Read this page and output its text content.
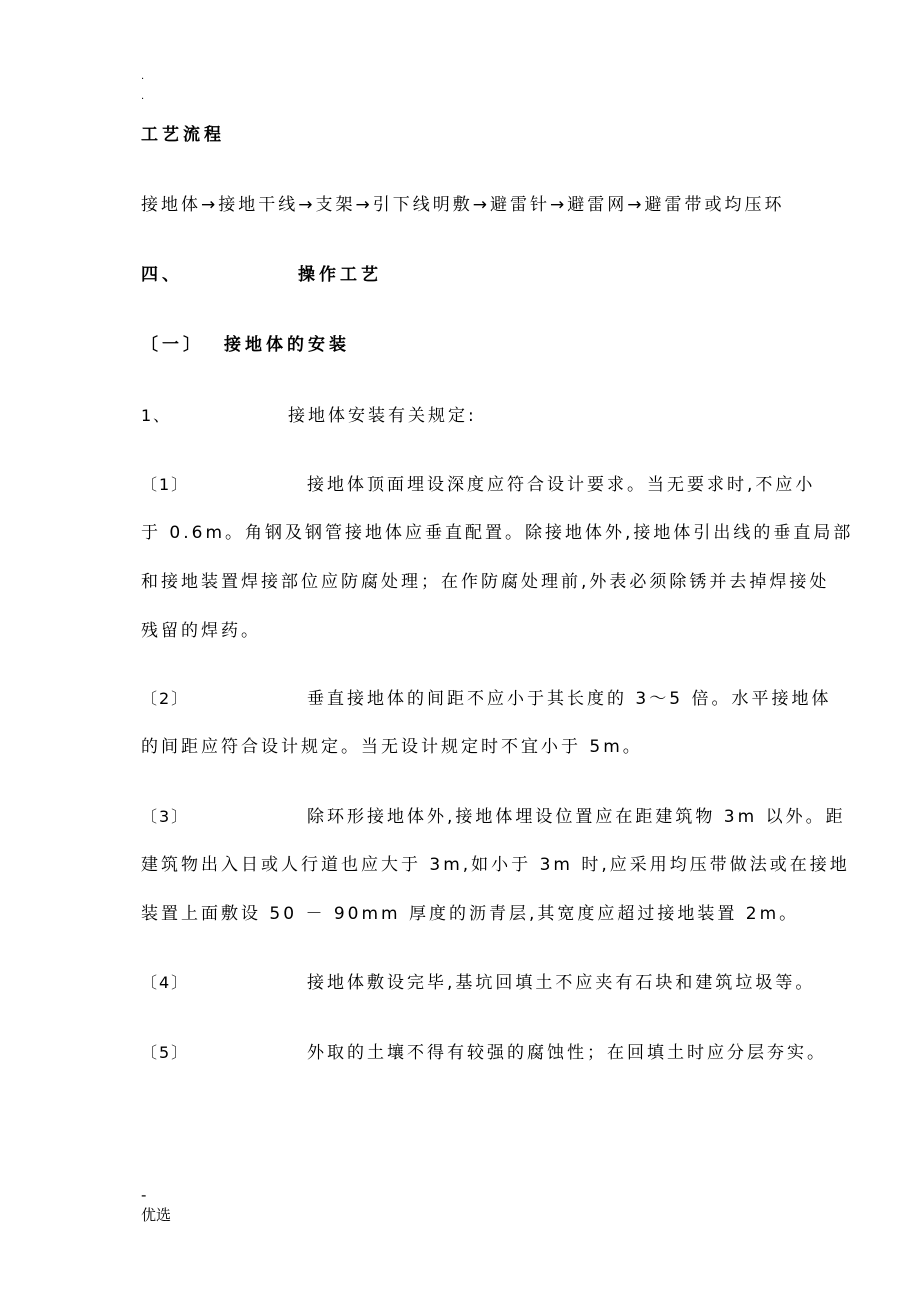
.
.
工艺流程
接地体→接地干线→支架→引下线明敷→避雷针→避雷网→避雷带或均压环
四、	操作工艺
〔一〕 接地体的安装
1、	接地体安装有关规定:
〔1〕	接地体顶面埋设深度应符合设计要求。当无要求时,不应小
于 0.6m。角钢及钢管接地体应垂直配置。除接地体外,接地体引出线的垂直局部
和接地装置焊接部位应防腐处理；在作防腐处理前,外表必须除锈并去掉焊接处
残留的焊药。
〔2〕	垂直接地体的间距不应小于其长度的 3～5 倍。水平接地体
的间距应符合设计规定。当无设计规定时不宜小于 5m。
〔3〕	除环形接地体外,接地体埋设位置应在距建筑物 3m 以外。距
建筑物出入日或人行道也应大于 3m,如小于 3m 时,应采用均压带做法或在接地
装置上面敷设 50 － 90mm 厚度的沥青层,其宽度应超过接地装置 2m。
〔4〕	接地体敷设完毕,基坑回填土不应夹有石块和建筑垃圾等。
〔5〕	外取的土壤不得有较强的腐蚀性；在回填土时应分层夯实。
-
优选
